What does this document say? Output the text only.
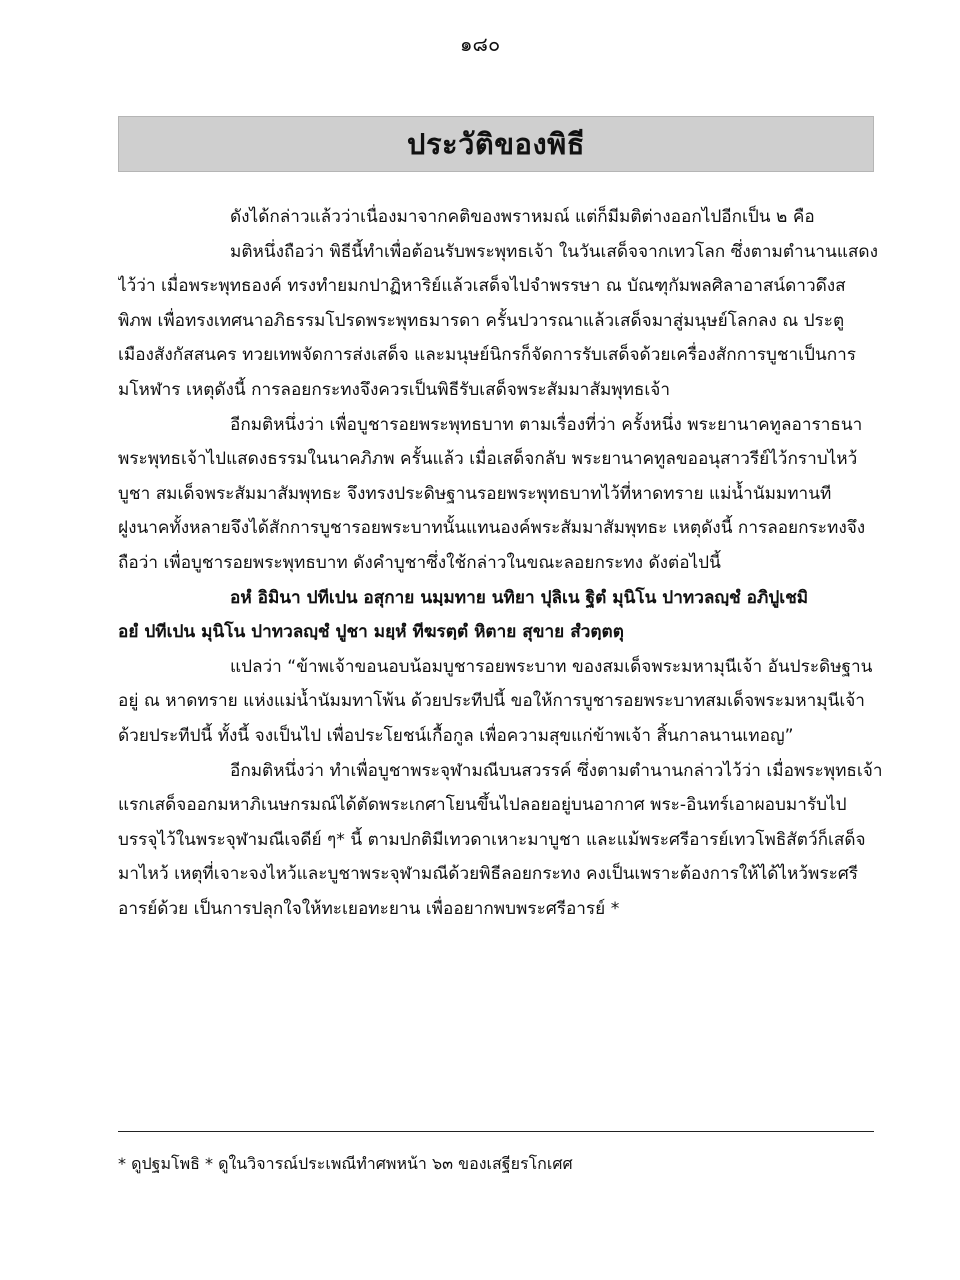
๑๘๐
ประวัติของพิธี
ดังได้กล่าวแล้วว่าเนื่องมาจากคติของพราหมณ์ แต่ก็มีมติต่างออกไปอีกเป็น ๒ คือ
มติหนึ่งถือว่า พิธีนี้ทำเพื่อต้อนรับพระพุทธเจ้า ในวันเสด็จจากเทวโลก ซึ่งตามตำนานแสดง
ไว้ว่า เมื่อพระพุทธองค์ ทรงทำยมกปาฏิหาริย์แล้วเสด็จไปจำพรรษา ณ บัณฑุกัมพลศิลาอาสน์ดาวดึงส
พิภพ เพื่อทรงเทศนาอภิธรรมโปรดพระพุทธมารดา ครั้นปวารณาแล้วเสด็จมาสู่มนุษย์โลกลง ณ ประตู
เมืองสังกัสสนคร ทวยเทพจัดการส่งเสด็จ และมนุษย์นิกรก็จัดการรับเสด็จด้วยเครื่องสักการบูชาเป็นการ
มโหฬาร เหตุดังนี้ การลอยกระทงจึงควรเป็นพิธีรับเสด็จพระสัมมาสัมพุทธเจ้า
อีกมติหนึ่งว่า เพื่อบูชารอยพระพุทธบาท ตามเรื่องที่ว่า ครั้งหนึ่ง พระยานาคทูลอาราธนา
พระพุทธเจ้าไปแสดงธรรมในนาคภิภพ ครั้นแล้ว เมื่อเสด็จกลับ พระยานาคทูลขออนุสาวรีย์ไว้กราบไหว้
บูชา สมเด็จพระสัมมาสัมพุทธะ จึงทรงประดิษฐานรอยพระพุทธบาทไว้ที่หาดทราย แม่น้ำนัมมทานที
ฝูงนาคทั้งหลายจึงได้สักการบูชารอยพระบาทนั้นแทนองค์พระสัมมาสัมพุทธะ เหตุดังนี้ การลอยกระทงจึง
ถือว่า เพื่อบูชารอยพระพุทธบาท ดังคำบูชาซึ่งใช้กล่าวในขณะลอยกระทง ดังต่อไปนี้
อหํ อิมินา ปทีเปน อสุกาย นมฺมทาย นทิยา ปุลิเน ฐิตํ มุนิโน ปาทวลญฺชํ อภิปูเชมิ
อยํ ปทีเปน มุนิโน ปาทวลญฺชํ ปูชา มยฺหํ ทีฆรตฺตํ หิตาย สุขาย สํวตฺตตุ
แปลว่า “ข้าพเจ้าขอนอบน้อมบูชารอยพระบาท ของสมเด็จพระมหามุนีเจ้า อันประดิษฐาน
อยู่ ณ หาดทราย แห่งแม่น้ำนัมมทาโพ้น ด้วยประทีปนี้ ขอให้การบูชารอยพระบาทสมเด็จพระมหามุนีเจ้า
ด้วยประทีปนี้ ทั้งนี้ จงเป็นไป เพื่อประโยชน์เกื้อกูล เพื่อความสุขแก่ข้าพเจ้า สิ้นกาลนานเทอญ”
อีกมติหนึ่งว่า ทำเพื่อบูชาพระจุฬามณีบนสวรรค์ ซึ่งตามตำนานกล่าวไว้ว่า เมื่อพระพุทธเจ้า
แรกเสด็จออกมหาภิเนษกรมณ์ได้ตัดพระเกศาโยนขึ้นไปลอยอยู่บนอากาศ พระ-อินทร์เอาผอบมารับไป
บรรจุไว้ในพระจุฬามณีเจดีย์ ๆ* นี้ ตามปกติมีเทวดาเหาะมาบูชา และแม้พระศรีอารย์เทวโพธิสัตว์ก็เสด็จ
มาไหว้ เหตุที่เจาะจงไหว้และบูชาพระจุฬามณีด้วยพิธีลอยกระทง คงเป็นเพราะต้องการให้ได้ไหว้พระศรี
อารย์ด้วย เป็นการปลุกใจให้ทะเยอทะยาน เพื่ออยากพบพระศรีอารย์ *
* ดูปฐมโพธิ * ดูในวิจารณ์ประเพณีทำศพหน้า ๖๓ ของเสฐียรโกเศศ
